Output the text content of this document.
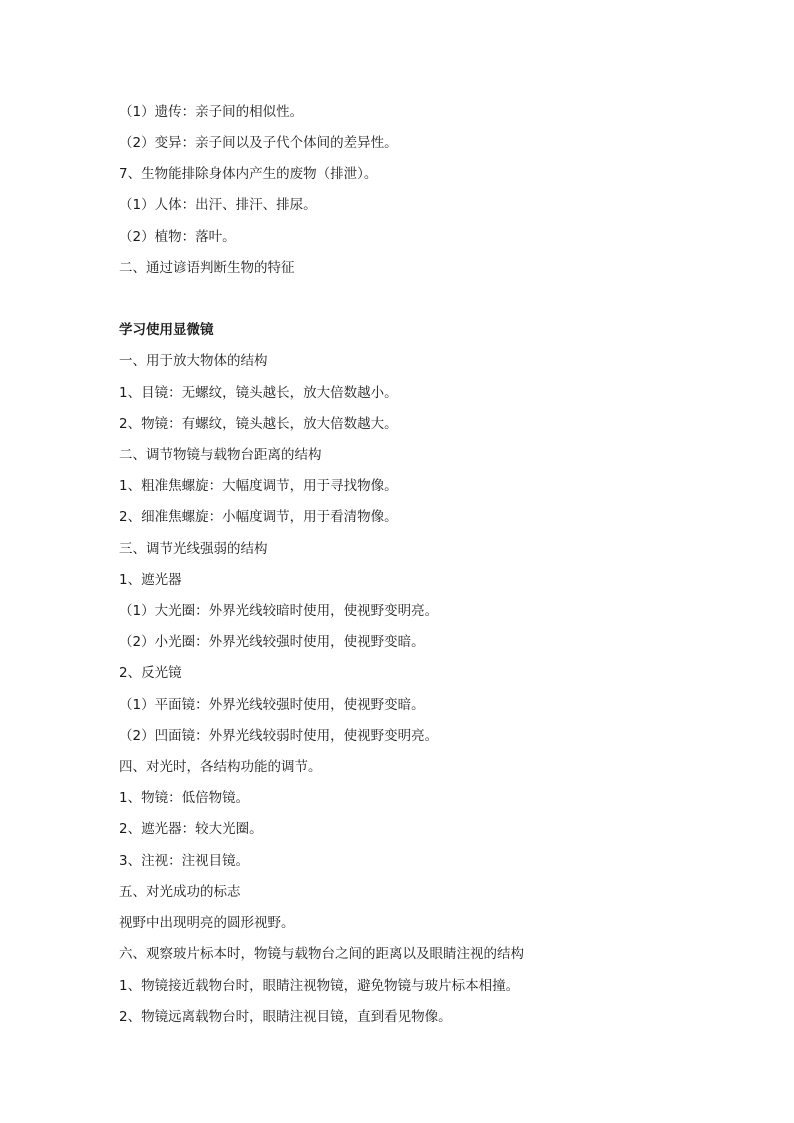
（1）遗传：亲子间的相似性。
（2）变异：亲子间以及子代个体间的差异性。
7、生物能排除身体内产生的废物（排泄）。
（1）人体：出汗、排汗、排尿。
（2）植物：落叶。
二、通过谚语判断生物的特征
学习使用显微镜
一、用于放大物体的结构
1、目镜：无螺纹，镜头越长，放大倍数越小。
2、物镜：有螺纹，镜头越长，放大倍数越大。
二、调节物镜与载物台距离的结构
1、粗准焦螺旋：大幅度调节，用于寻找物像。
2、细准焦螺旋：小幅度调节，用于看清物像。
三、调节光线强弱的结构
1、遮光器
（1）大光圈：外界光线较暗时使用，使视野变明亮。
（2）小光圈：外界光线较强时使用，使视野变暗。
2、反光镜
（1）平面镜：外界光线较强时使用，使视野变暗。
（2）凹面镜：外界光线较弱时使用，使视野变明亮。
四、对光时，各结构功能的调节。
1、物镜：低倍物镜。
2、遮光器：较大光圈。
3、注视：注视目镜。
五、对光成功的标志
视野中出现明亮的圆形视野。
六、观察玻片标本时，物镜与载物台之间的距离以及眼睛注视的结构
1、物镜接近载物台时，眼睛注视物镜，避免物镜与玻片标本相撞。
2、物镜远离载物台时，眼睛注视目镜，直到看见物像。
